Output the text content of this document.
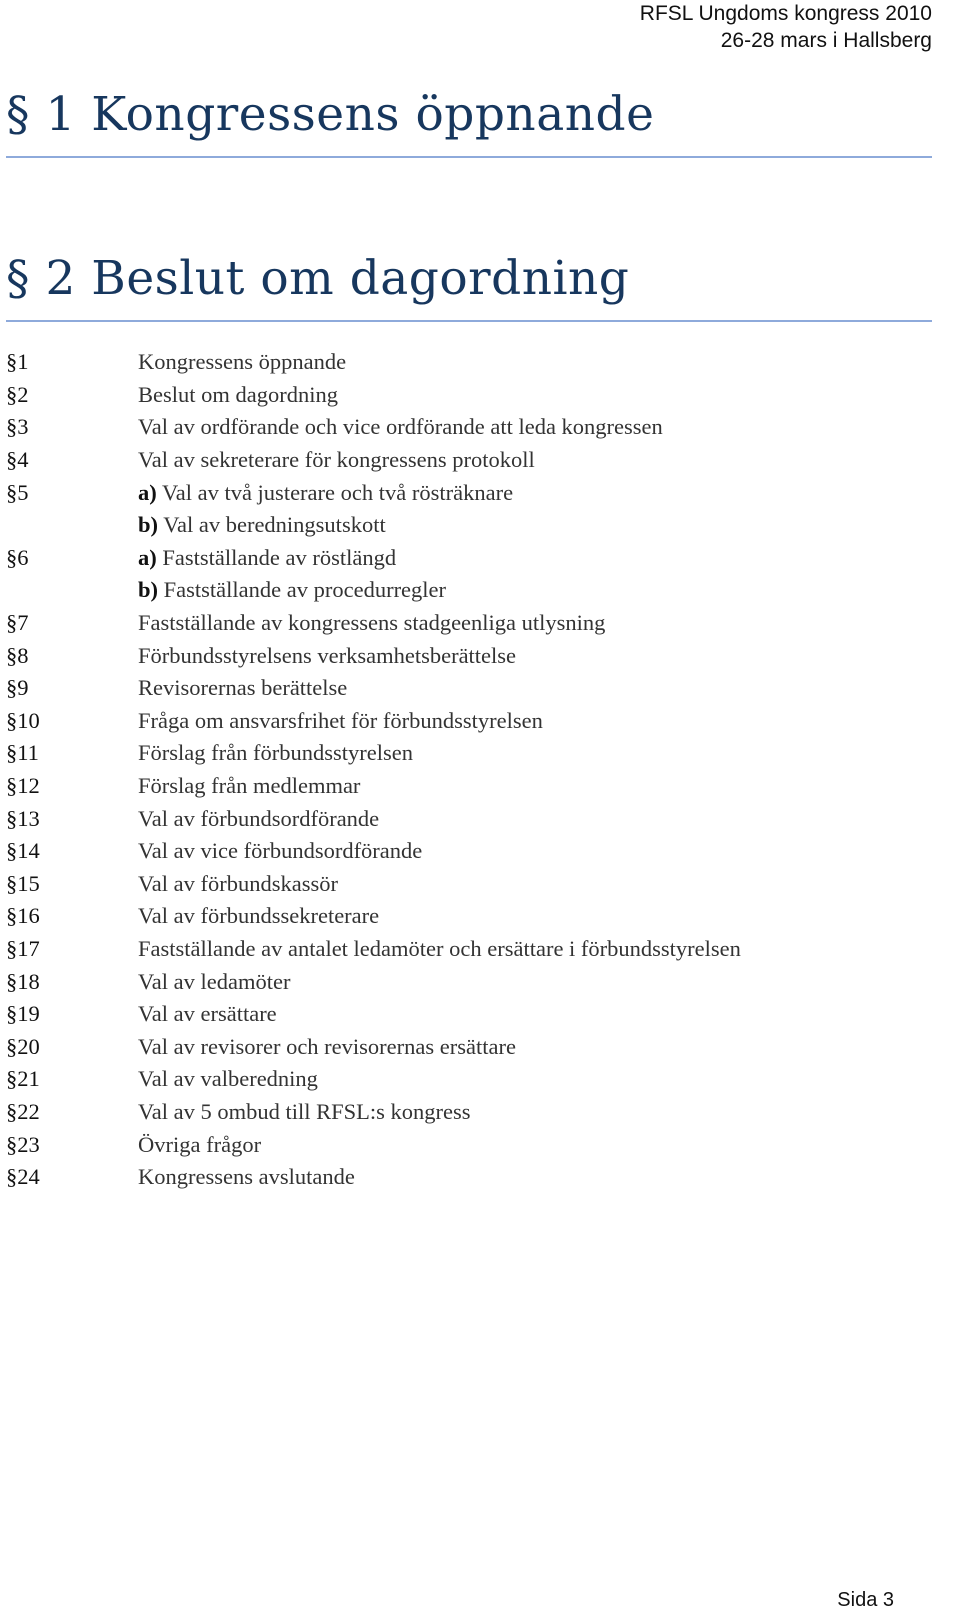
RFSL Ungdoms kongress 2010
26-28 mars i Hallsberg
§ 1 Kongressens öppnande
§ 2 Beslut om dagordning
§1	Kongressens öppnande
§2	Beslut om dagordning
§3	Val av ordförande och vice ordförande att leda kongressen
§4	Val av sekreterare för kongressens protokoll
§5	a) Val av två justerare och två rösträknare
b) Val av beredningsutskott
§6	a) Fastställande av röstlängd
b) Fastställande av procedurregler
§7	Fastställande av kongressens stadgeenliga utlysning
§8	Förbundsstyrelsens verksamhetsberättelse
§9	Revisorernas berättelse
§10	Fråga om ansvarsfrihet för förbundsstyrelsen
§11	Förslag från förbundsstyrelsen
§12	Förslag från medlemmar
§13	Val av förbundsordförande
§14	Val av vice förbundsordförande
§15	Val av förbundskassör
§16	Val av förbundssekreterare
§17	Fastställande av antalet ledamöter och ersättare i förbundsstyrelsen
§18	Val av ledamöter
§19	Val av ersättare
§20	Val av revisorer och revisorernas ersättare
§21	Val av valberedning
§22	Val av 5 ombud till RFSL:s kongress
§23	Övriga frågor
§24	Kongressens avslutande
Sida 3
